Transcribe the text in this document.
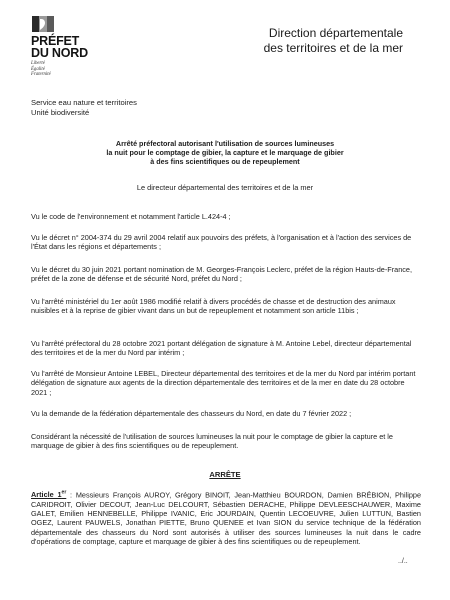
PRÉFET
DU NORD
Liberté
Égalité
Fraternité
Direction départementale
des territoires et de la mer
Service eau nature et territoires
Unité biodiversité
Arrêté préfectoral autorisant l'utilisation de sources lumineuses
la nuit pour le comptage de gibier, la capture et le marquage de gibier
à des fins scientifiques ou de repeuplement
Le directeur départemental des territoires et de la mer
Vu le code de l'environnement et notamment l'article L.424-4 ;
Vu le décret n° 2004-374 du 29 avril 2004 relatif aux pouvoirs des préfets, à l'organisation et à l'action des services de l'État dans les régions et départements ;
Vu le décret du 30 juin 2021 portant nomination de M. Georges-François Leclerc, préfet de la région Hauts-de-France, préfet de la zone de défense et de sécurité Nord, préfet du Nord ;
Vu l'arrêté ministériel du 1er août 1986 modifié relatif à divers procédés de chasse et de destruction des animaux nuisibles et à la reprise de gibier vivant dans un but de repeuplement et notamment son article 11bis ;
Vu l'arrêté préfectoral du 28 octobre 2021 portant délégation de signature à M. Antoine Lebel, directeur départemental des territoires et de la mer du Nord par intérim ;
Vu l'arrêté de Monsieur Antoine LEBEL, Directeur départemental des territoires et de la mer du Nord par intérim portant délégation de signature aux agents de la direction départementale des territoires et de la mer en date du 28 octobre 2021 ;
Vu la demande de la fédération départementale des chasseurs du Nord, en date du 7 février 2022 ;
Considérant la nécessité de l'utilisation de sources lumineuses la nuit pour le comptage de gibier la capture et le marquage de gibier à des fins scientifiques ou de repeuplement.
ARRÊTE
Article 1er : Messieurs François AUROY, Grégory BINOIT, Jean-Matthieu BOURDON, Damien BRÉBION, Philippe CARIDROIT, Olivier DECOUT, Jean-Luc DELCOURT, Sébastien DERACHE, Philippe DEVLEESCHAUWER, Maxime GALET, Emilien HENNEBELLE, Philippe IVANIC, Eric JOURDAIN, Quentin LECOEUVRE, Julien LUTTUN, Bastien OGEZ, Laurent PAUWELS, Jonathan PIETTE, Bruno QUENEE et Ivan SION du service technique de la fédération départementale des chasseurs du Nord sont autorisés à utiliser des sources lumineuses la nuit dans le cadre d'opérations de comptage, capture et marquage de gibier à des fins scientifiques ou de repeuplement.
../..
